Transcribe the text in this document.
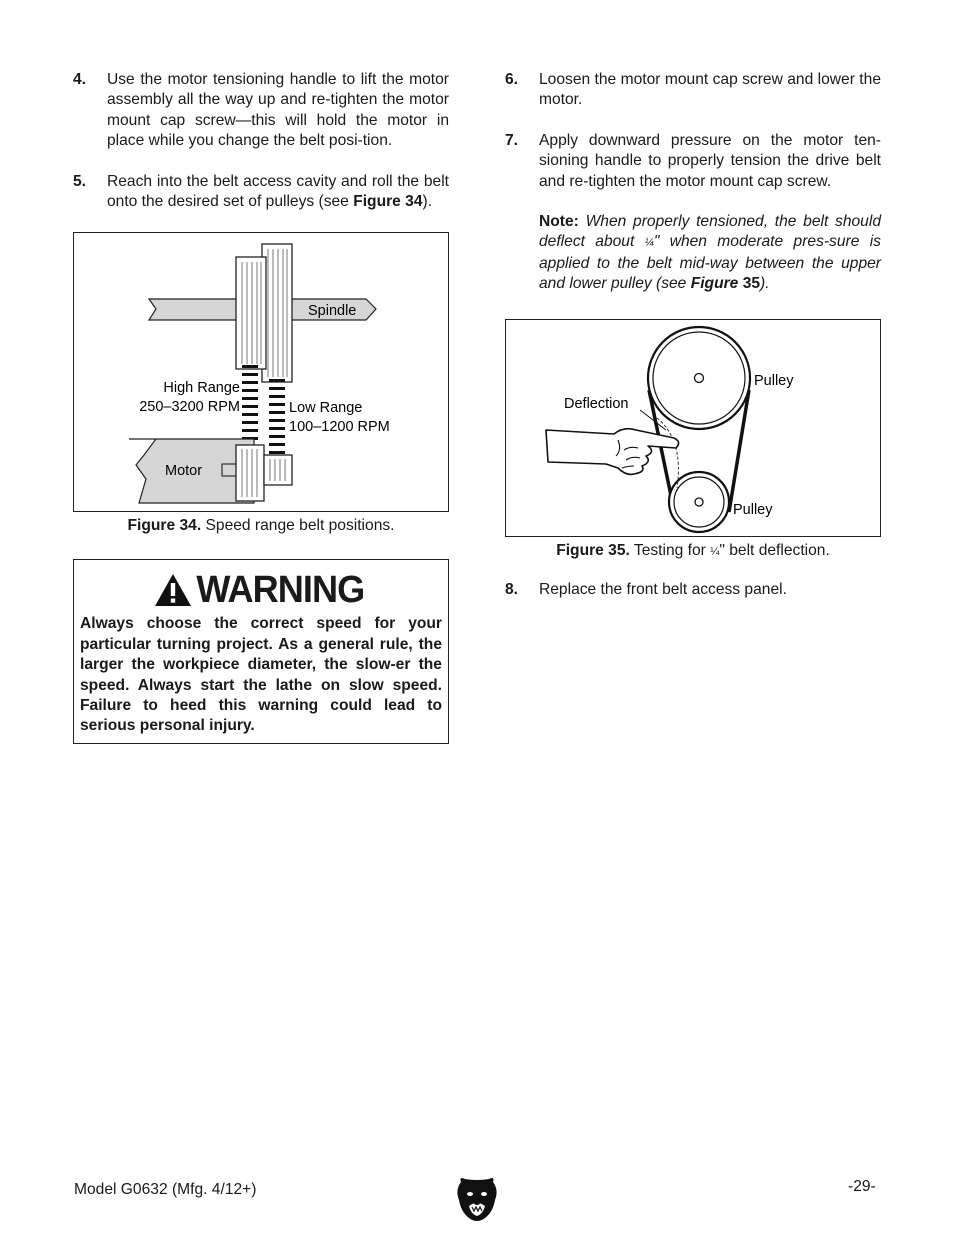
4. Use the motor tensioning handle to lift the motor assembly all the way up and re-tighten the motor mount cap screw—this will hold the motor in place while you change the belt posi-tion.
5. Reach into the belt access cavity and roll the belt onto the desired set of pulleys (see Figure 34).
Spindle
High Range
250–3200 RPM	Low Range
100–1200 RPM
Motor
Figure 34. Speed range belt positions.
WARNING
Always choose the correct speed for your particular turning project. As a general rule, the larger the workpiece diameter, the slow-er the speed. Always start the lathe on slow speed. Failure to heed this warning could lead to serious personal injury.
6. Loosen the motor mount cap screw and lower the motor.
7. Apply downward pressure on the motor ten-sioning handle to properly tension the drive belt and re-tighten the motor mount cap screw.
Note: When properly tensioned, the belt should deflect about ¼" when moderate pres-sure is applied to the belt mid-way between the upper and lower pulley (see Figure 35).
Pulley
Deflection
Pulley
Figure 35. Testing for ¼" belt deflection.
8. Replace the front belt access panel.
Model G0632 (Mfg. 4/12+)	-29-
